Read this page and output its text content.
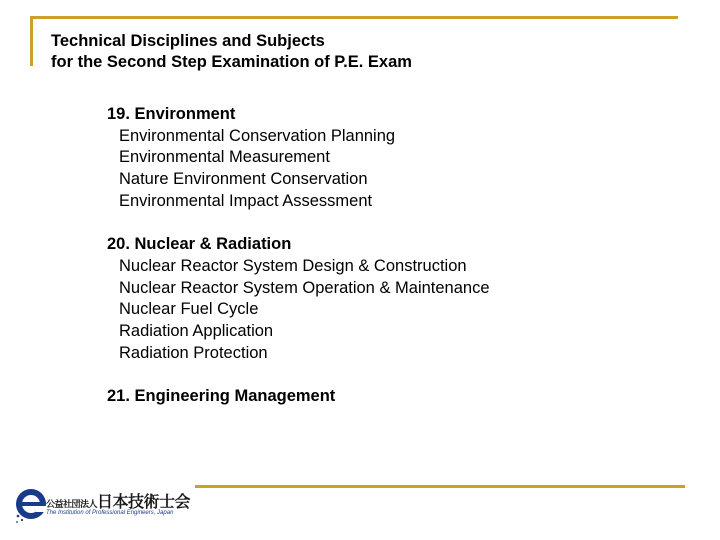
Technical Disciplines and Subjects
for the Second Step Examination of P.E. Exam
19. Environment
Environmental Conservation Planning
Environmental Measurement
Nature Environment Conservation
Environmental Impact Assessment
20. Nuclear & Radiation
Nuclear Reactor System Design & Construction
Nuclear Reactor System Operation & Maintenance
Nuclear Fuel Cycle
Radiation Application
Radiation Protection
21. Engineering Management
公益社団法人日本技術士会
The Institution of Professional Engineers, Japan
